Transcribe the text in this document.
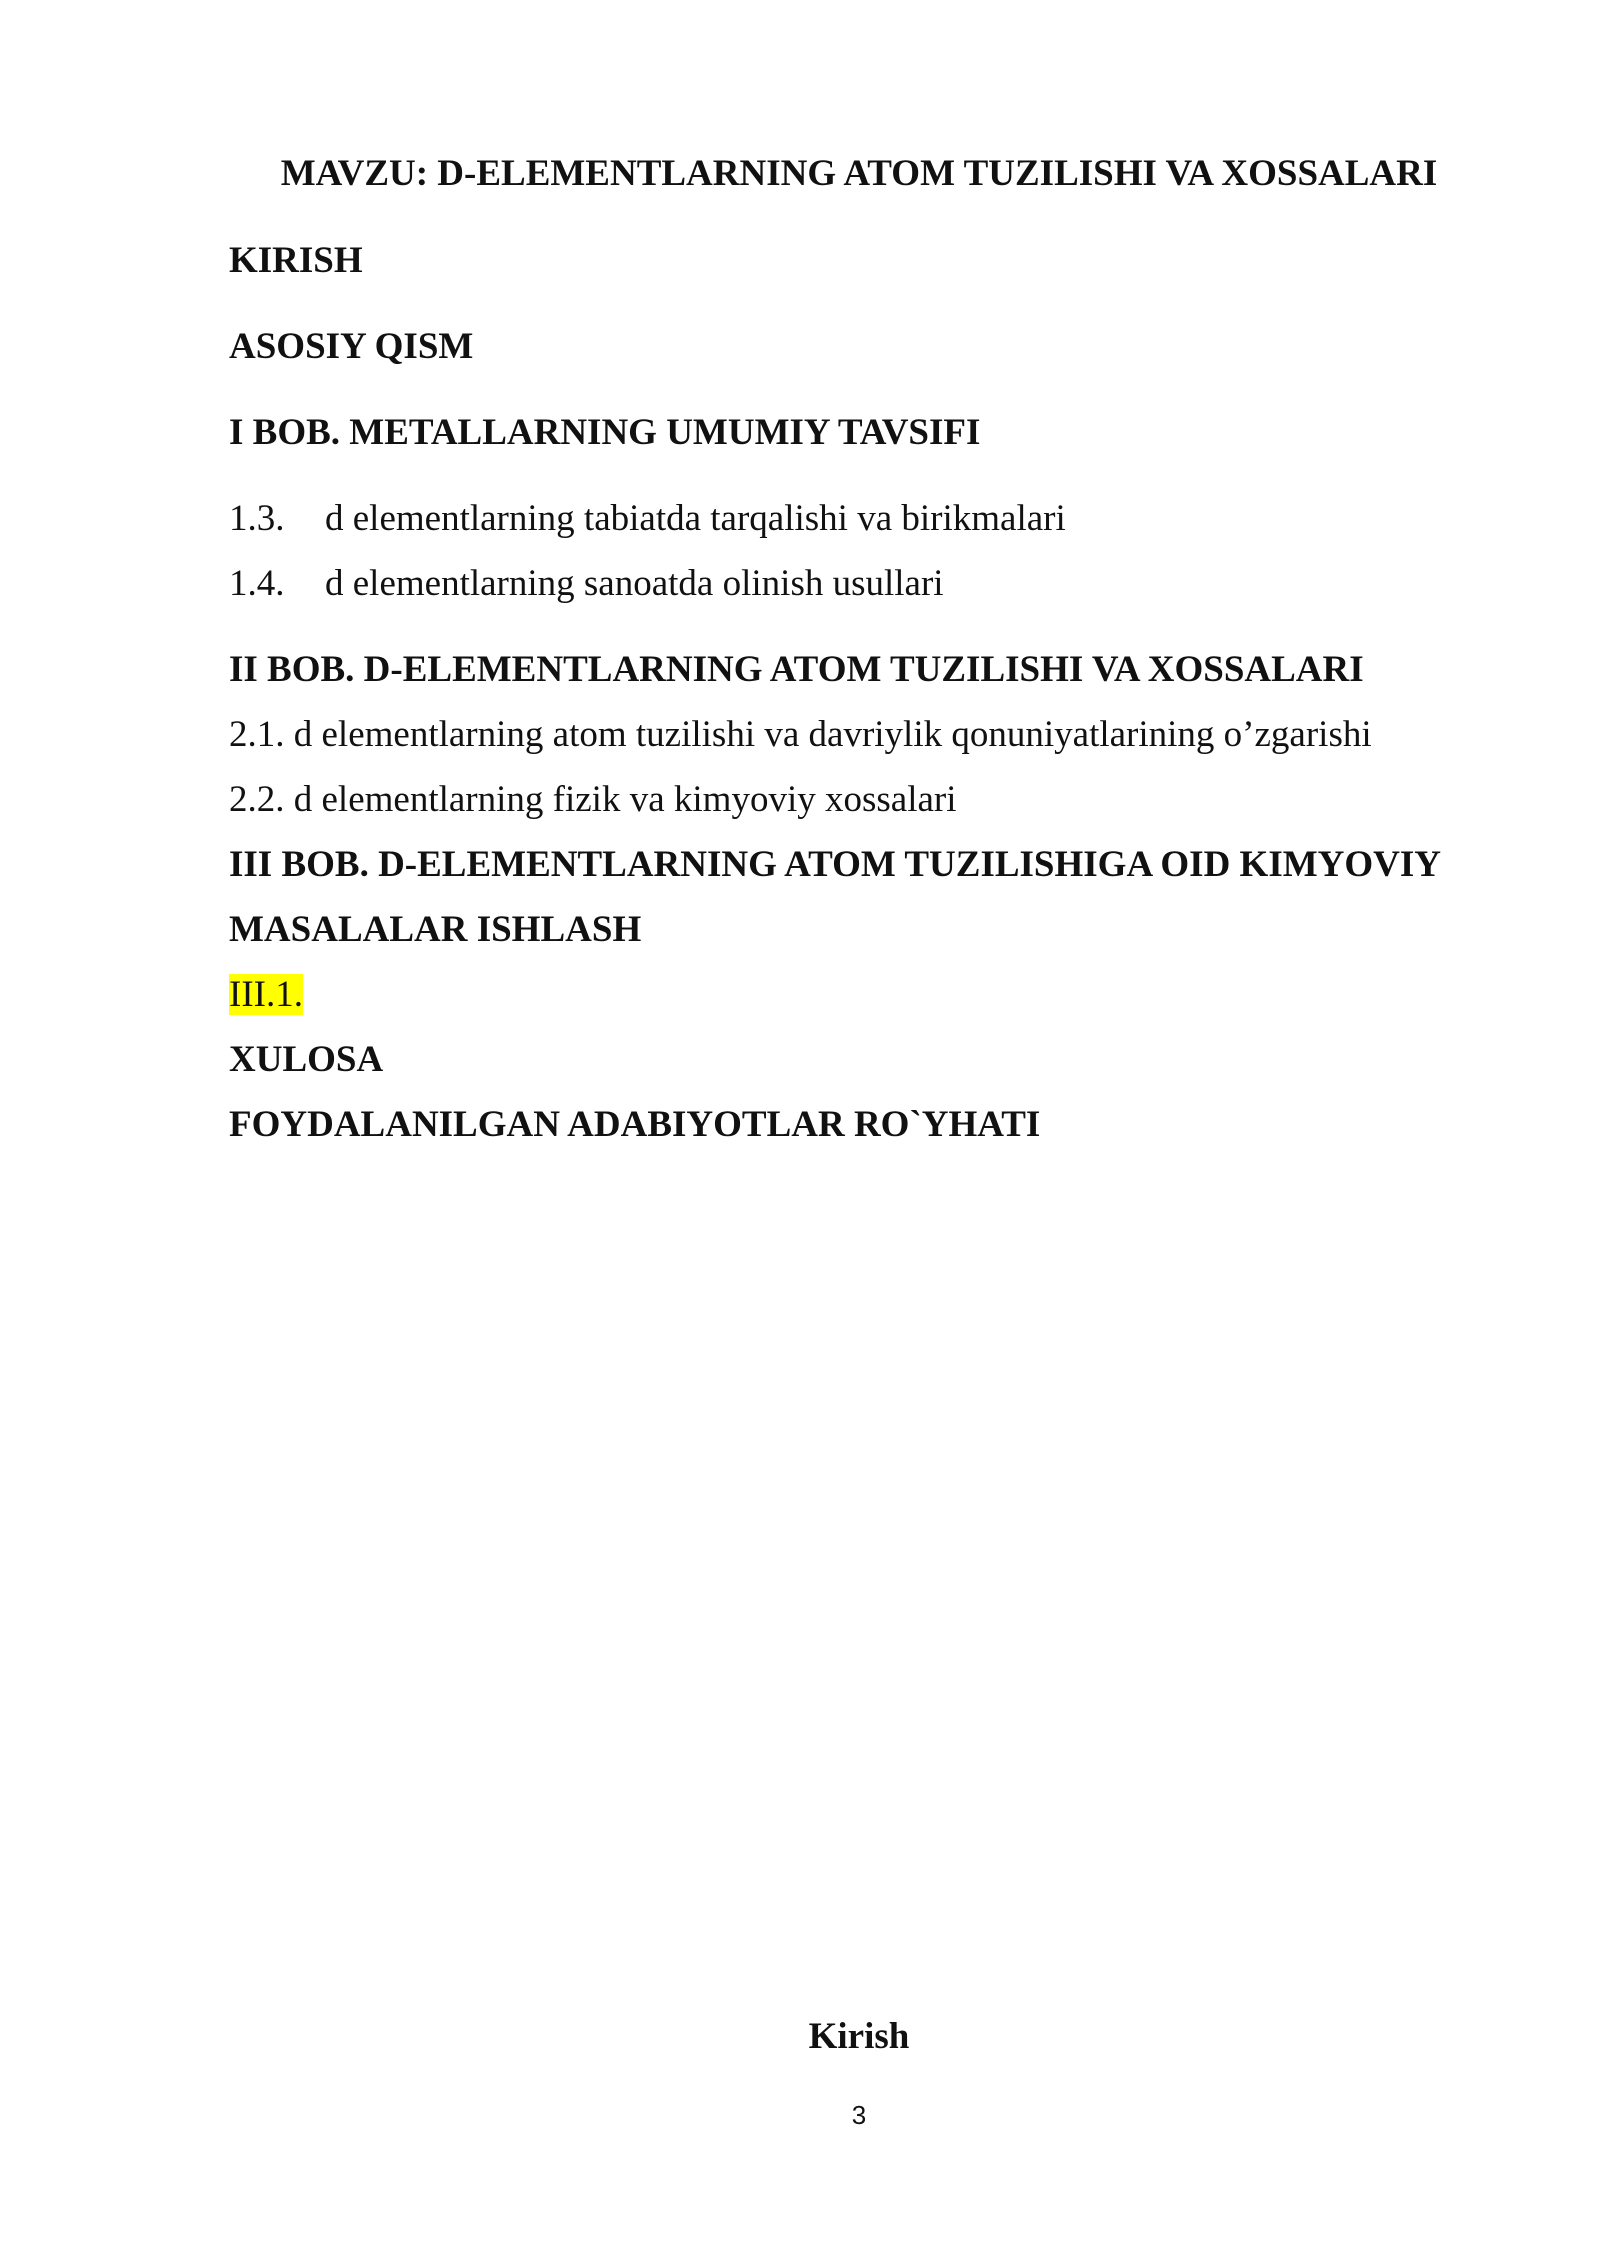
MAVZU: D-ELEMENTLARNING ATOM TUZILISHI VA XOSSALARI
KIRISH
ASOSIY QISM
I BOB. METALLARNING UMUMIY TAVSIFI
1.3. d elementlarning tabiatda tarqalishi va birikmalari
1.4. d elementlarning sanoatda olinish usullari
II BOB. D-ELEMENTLARNING ATOM TUZILISHI VA XOSSALARI
2.1. d elementlarning atom tuzilishi va davriylik qonuniyatlarining o’zgarishi
2.2. d elementlarning fizik va kimyoviy xossalari
III BOB. D-ELEMENTLARNING ATOM TUZILISHIGA OID KIMYOVIY
MASALALAR ISHLASH
III.1.
XULOSA
FOYDALANILGAN ADABIYOTLAR RO`YHATI
Kirish
3
